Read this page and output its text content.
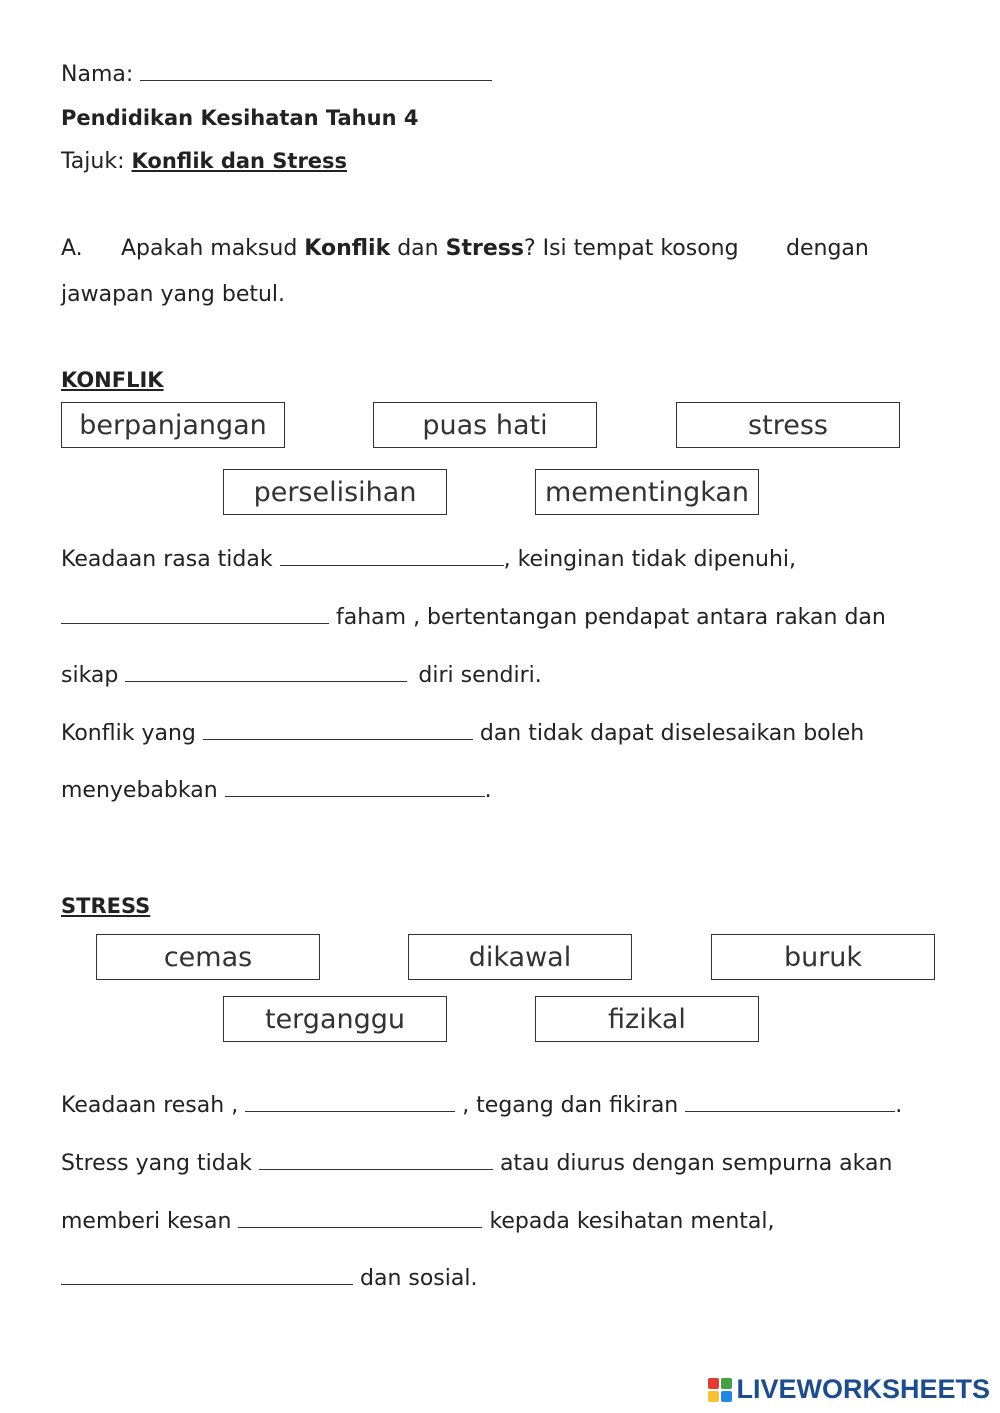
Nama:
Pendidikan Kesihatan Tahun 4
Tajuk: Konflik dan Stress
A. Apakah maksud Konflik dan Stress? Isi tempat kosong dengan
jawapan yang betul.
KONFLIK
berpanjangan	puas hati	stress
perselisihan	mementingkan
Keadaan rasa tidak	, keinginan tidak dipenuhi,
faham , bertentangan pendapat antara rakan dan
sikap	diri sendiri.
Konflik yang	dan tidak dapat diselesaikan boleh
menyebabkan	.
STRESS
cemas	dikawal	buruk
terganggu	fizikal
Keadaan resah ,	, tegang dan fikiran	.
Stress yang tidak	atau diurus dengan sempurna akan
memberi kesan	kepada kesihatan mental,
dan sosial.
LIVEWORKSHEETS
